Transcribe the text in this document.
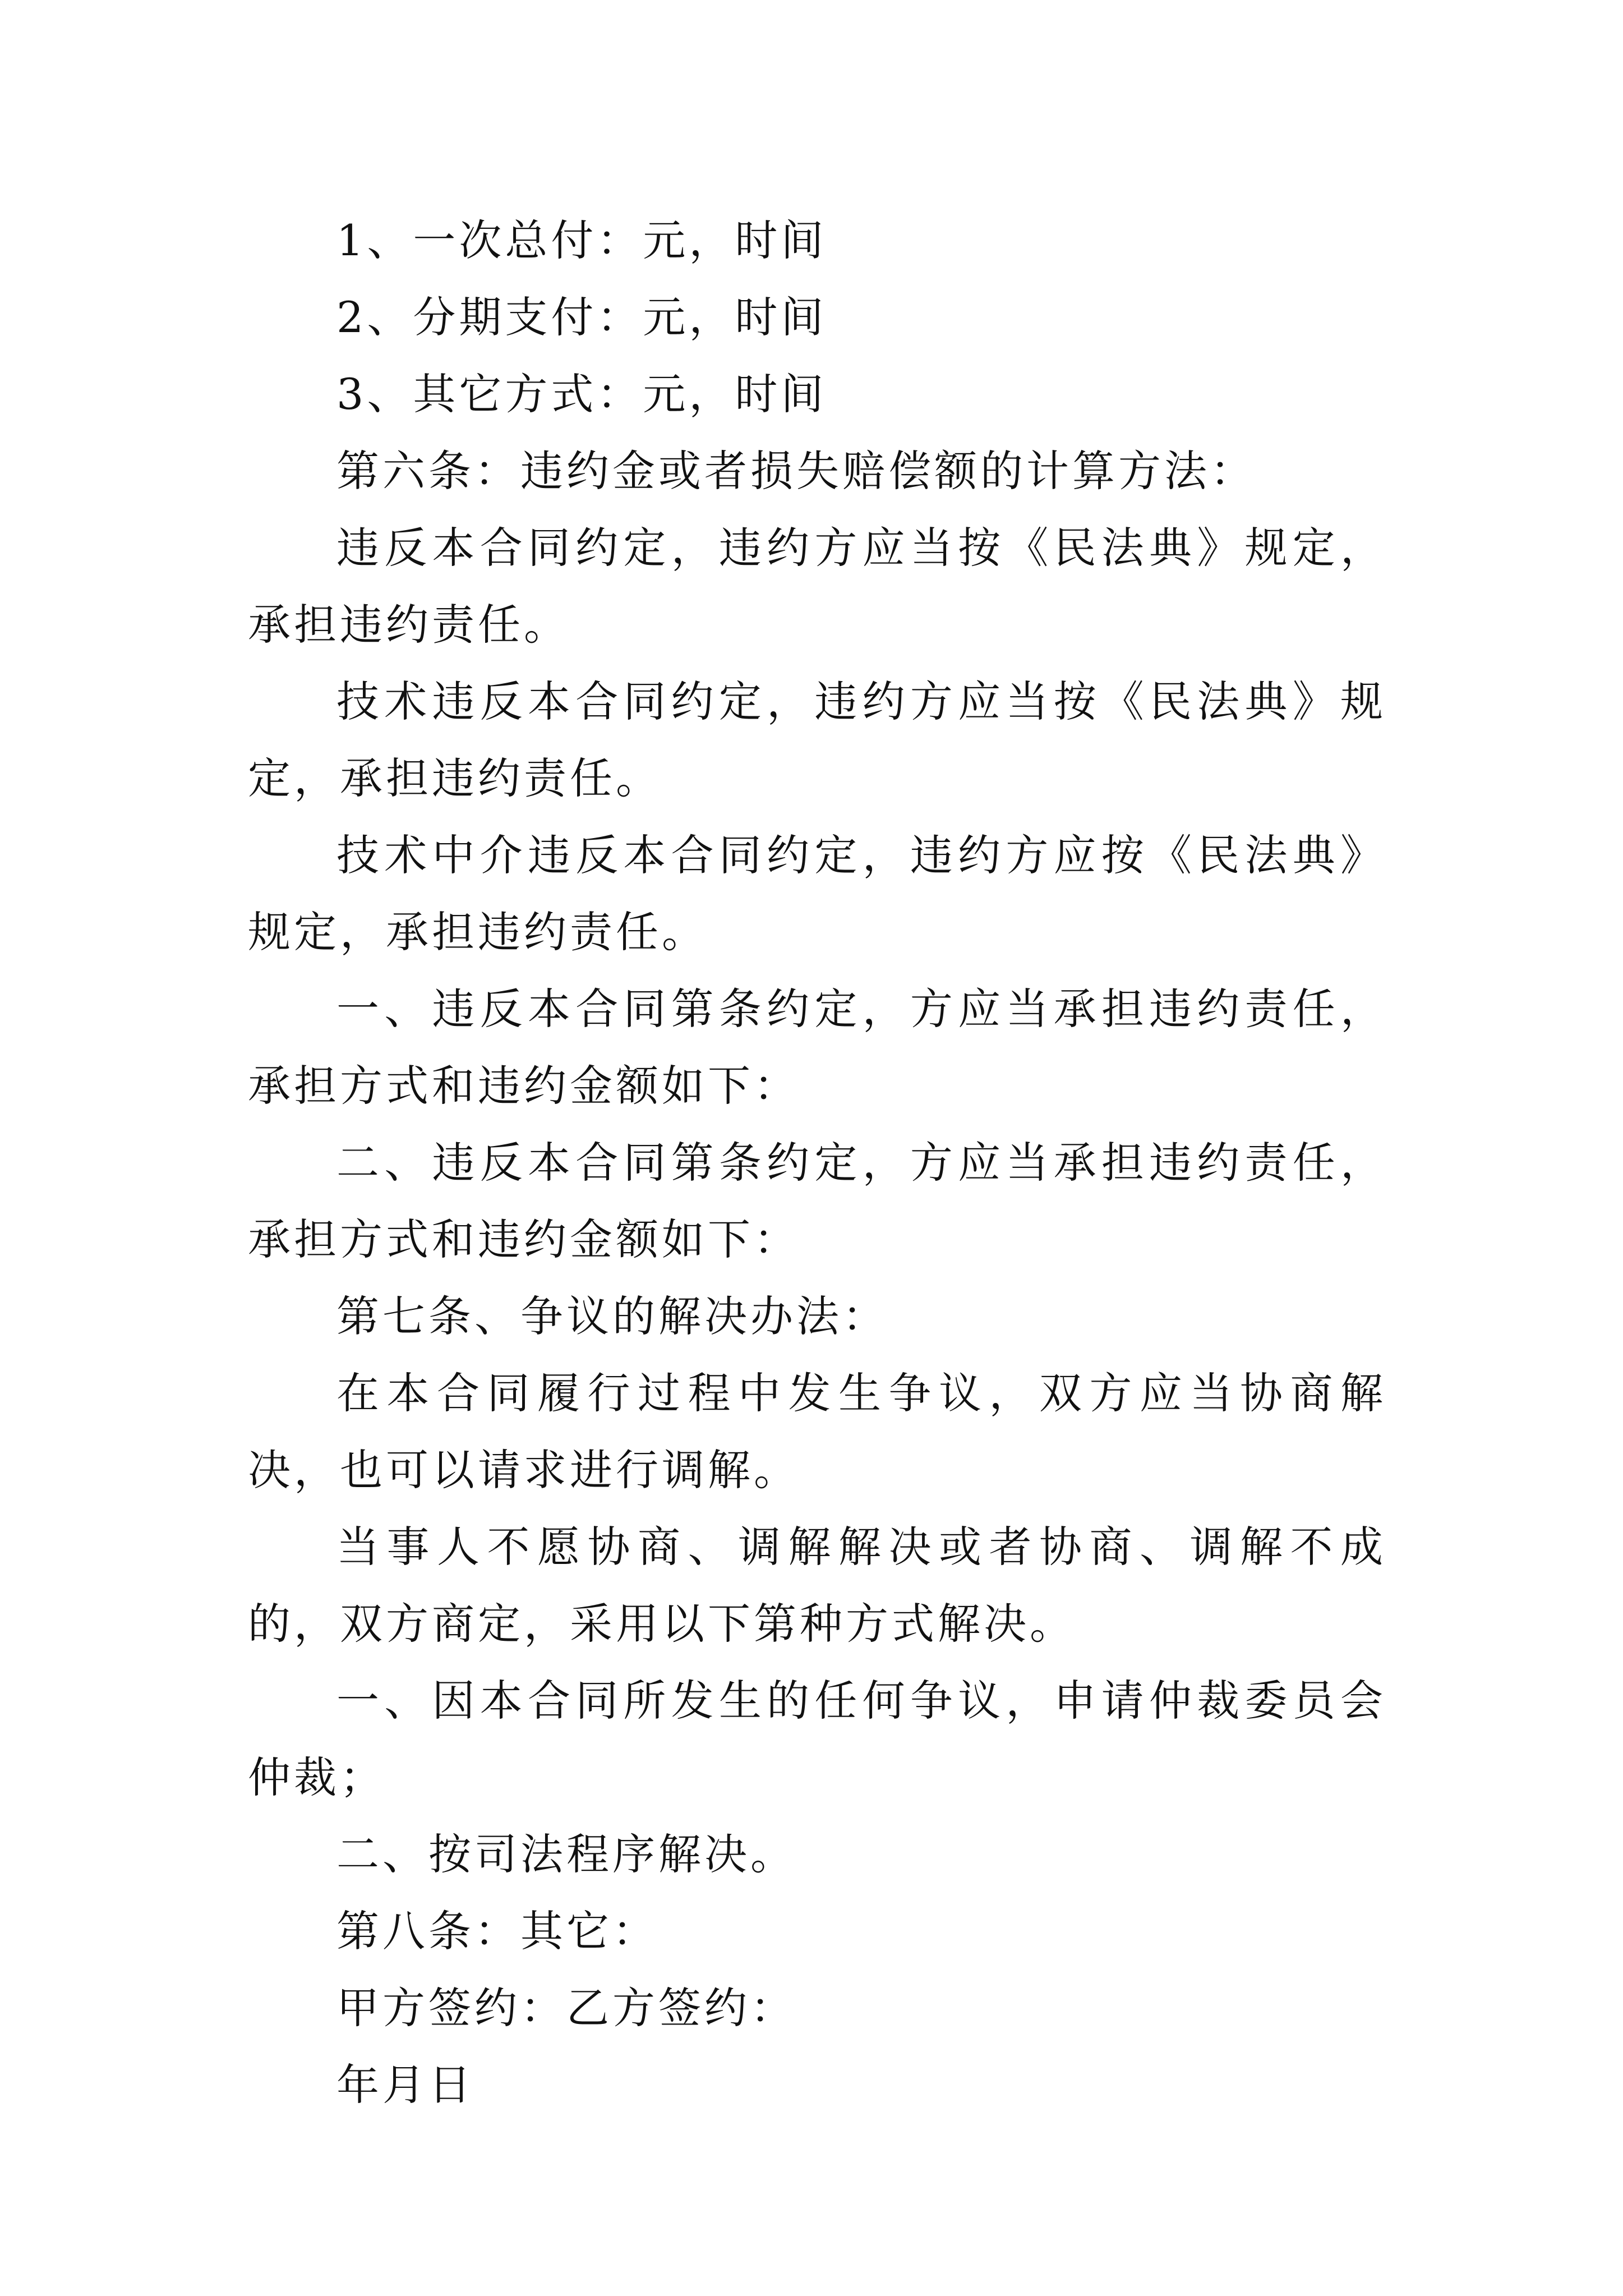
1、一次总付：元，时间

2、分期支付：元，时间

3、其它方式：元，时间

第六条：违约金或者损失赔偿额的计算方法：

违反本合同约定，违约方应当按《民法典》规定，承担违约责任。

技术违反本合同约定，违约方应当按《民法典》规定，承担违约责任。

技术中介违反本合同约定，违约方应按《民法典》规定，承担违约责任。

一、违反本合同第条约定，方应当承担违约责任，承担方式和违约金额如下：

二、违反本合同第条约定，方应当承担违约责任，承担方式和违约金额如下：

第七条、争议的解决办法：

在本合同履行过程中发生争议，双方应当协商解决，也可以请求进行调解。

当事人不愿协商、调解解决或者协商、调解不成的，双方商定，采用以下第种方式解决。

一、因本合同所发生的任何争议，申请仲裁委员会仲裁；

二、按司法程序解决。

第八条：其它：

甲方签约：乙方签约：

年月日
